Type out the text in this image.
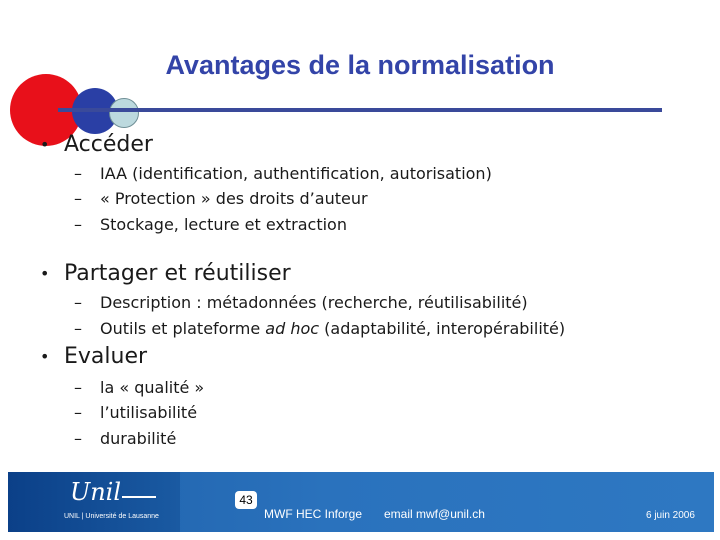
Avantages de la normalisation
• Accéder
–	IAA (identification, authentification, autorisation)
–	« Protection » des droits d’auteur
–	Stockage, lecture et extraction
• Partager et réutiliser
–	Description : métadonnées (recherche, réutilisabilité)
–	Outils et plateforme ad hoc (adaptabilité, interopérabilité)
• Evaluer
–	la « qualité »
–	l’utilisabilité
–	durabilité
Unil
UNIL | Université de Lausanne
43
MWF HEC Inforge email mwf@unil.ch	6 juin 2006
